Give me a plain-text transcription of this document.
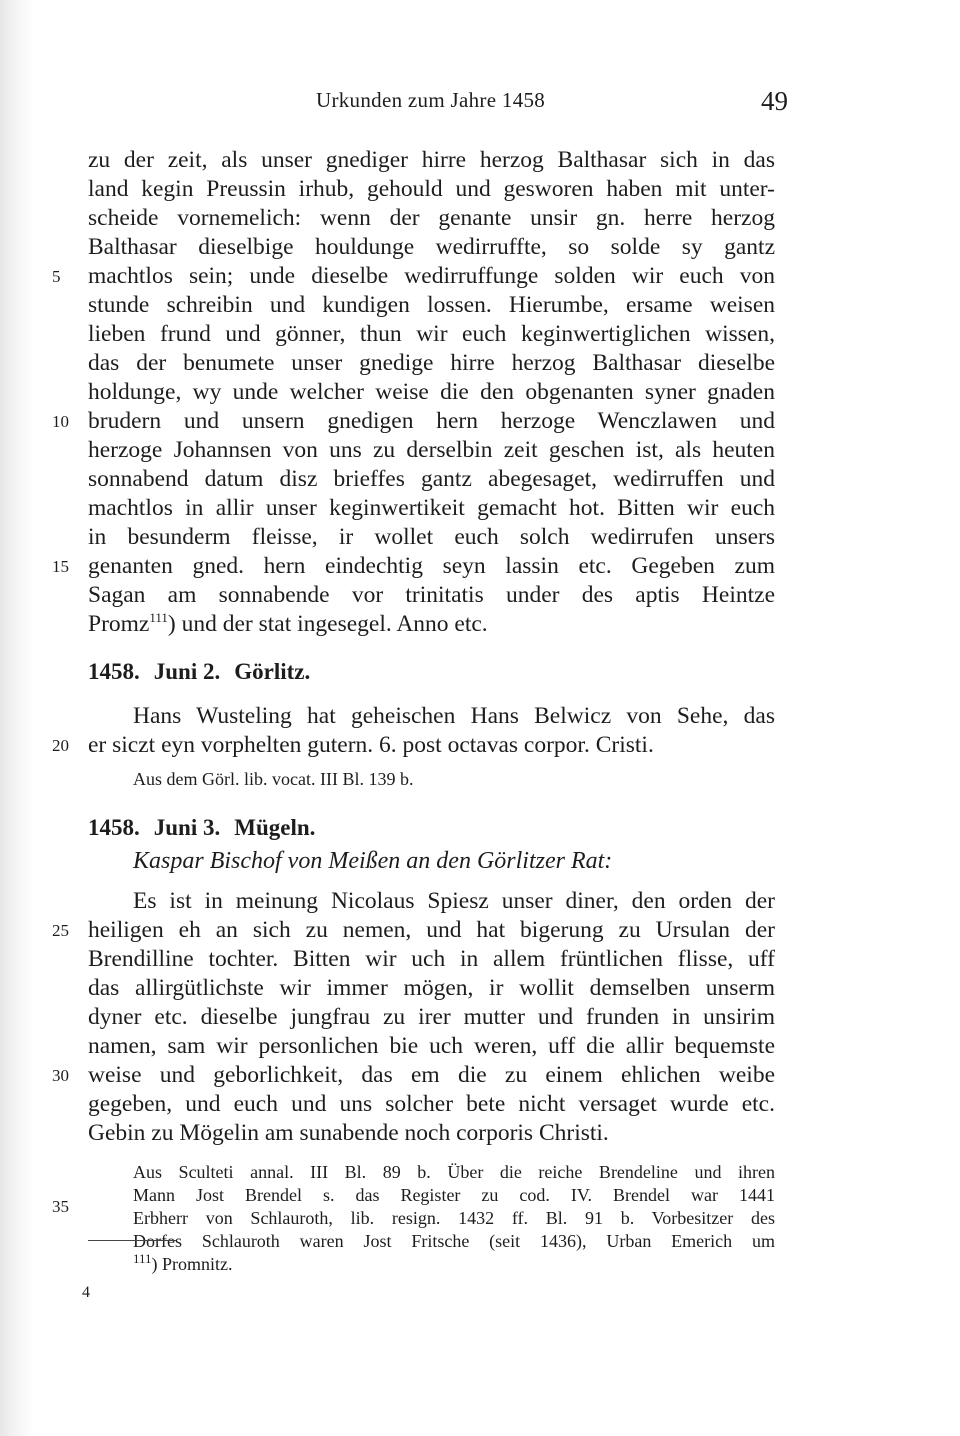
Urkunden zum Jahre 1458	49
zu der zeit, als unser gnediger hirre herzog Balthasar sich in das
land kegin Preussin irhub, gehould und gesworen haben mit unter-
scheide vornemelich: wenn der genante unsir gn. herre herzog
Balthasar dieselbige houldunge wedirruffte, so solde sy gantz
machtlos sein; unde dieselbe wedirruffunge solden wir euch von
stunde schreibin und kundigen lossen. Hierumbe, ersame weisen
lieben frund und gönner, thun wir euch keginwertiglichen wissen,
das der benumete unser gnedige hirre herzog Balthasar dieselbe
holdunge, wy unde welcher weise die den obgenanten syner gnaden
brudern und unsern gnedigen hern herzoge Wenczlawen und
herzoge Johannsen von uns zu derselbin zeit geschen ist, als heuten
sonnabend datum disz brieffes gantz abegesaget, wedirruffen und
machtlos in allir unser keginwertikeit gemacht hot. Bitten wir euch
in besunderm fleisse, ir wollet euch solch wedirrufen unsers
genanten gned. hern eindechtig seyn lassin etc. Gegeben zum
Sagan am sonnabende vor trinitatis under des aptis Heintze
Promz$^{111}$) und der stat ingesegel. Anno etc.
1458. Juni 2. Görlitz.
Hans Wusteling hat geheischen Hans Belwicz von Sehe, das
er siczt eyn vorphelten gutern. 6. post octavas corpor. Cristi.
Aus dem Görl. lib. vocat. III Bl. 139 b.
1458. Juni 3. Mügeln.
Kaspar Bischof von Meißen an den Görlitzer Rat:
Es ist in meinung Nicolaus Spiesz unser diner, den orden der
heiligen eh an sich zu nemen, und hat bigerung zu Ursulan der
Brendilline tochter. Bitten wir uch in allem früntlichen flisse, uff
das allirgütlichste wir immer mögen, ir wollit demselben unserm
dyner etc. dieselbe jungfrau zu irer mutter und frunden in unsirim
namen, sam wir personlichen bie uch weren, uff die allir bequemste
weise und geborlichkeit, das em die zu einem ehlichen weibe
gegeben, und euch und uns solcher bete nicht versaget wurde etc.
Gebin zu Mögelin am sunabende noch corporis Christi.
Aus Sculteti annal. III Bl. 89 b. Über die reiche Brendeline und ihren
Mann Jost Brendel s. das Register zu cod. IV. Brendel war 1441
Erbherr von Schlauroth, lib. resign. 1432 ff. Bl. 91 b. Vorbesitzer des
Dorfes Schlauroth waren Jost Fritsche (seit 1436), Urban Emerich um
5
10
15
20
25
30
35
$^{111}$) Promnitz.
4
